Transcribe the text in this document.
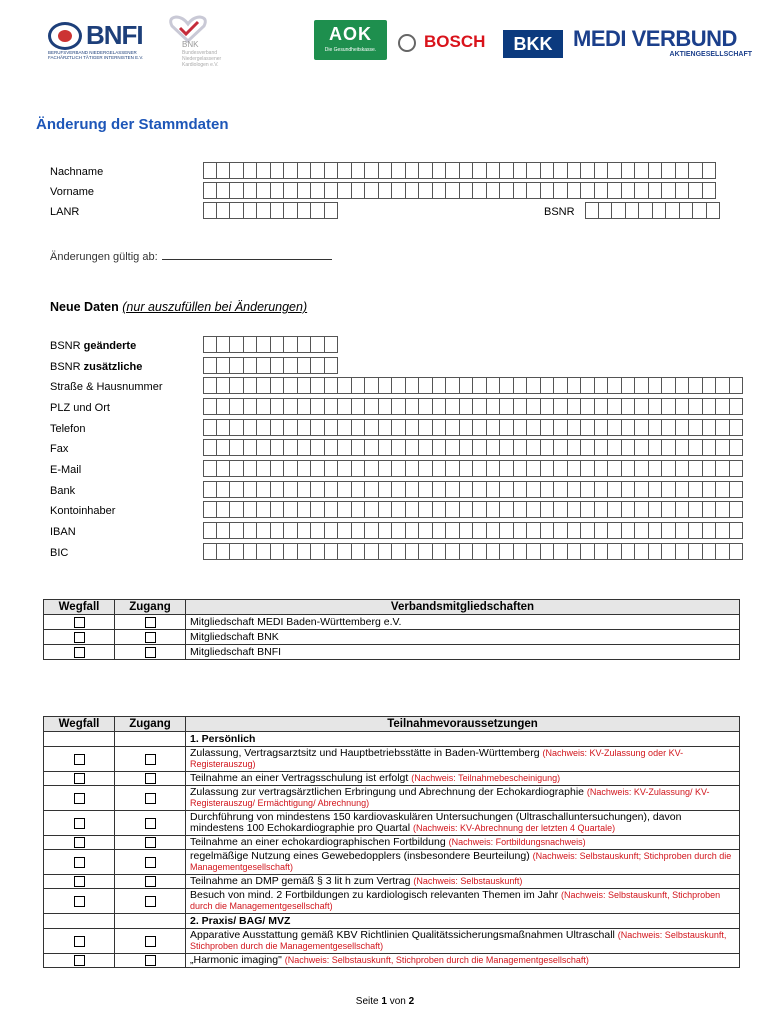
BNFI
BERUFSVERBAND NIEDERGELASSENER FACHÄRZTLICH TÄTIGER INTERNISTEN E.V.
BNK
Bundesverband Niedergelassener Kardiologen e.V.
AOK
Die Gesundheitskasse.	BOSCH	BKK MEDI VERBUND
AKTIENGESELLSCHAFT
Änderung der Stammdaten
Nachname
Vorname
LANR	BSNR
Änderungen gültig ab:
Neue Daten (nur auszufüllen bei Änderungen)
BSNR geänderte
BSNR zusätzliche
Straße & Hausnummer
PLZ und Ort
Telefon
Fax
E-Mail
Bank
Kontoinhaber
IBAN
BIC
Wegfall	Zugang	Verbandsmitgliedschaften
		Mitgliedschaft MEDI Baden-Württemberg e.V.
		Mitgliedschaft BNK
		Mitgliedschaft BNFI
Wegfall	Zugang	Teilnahmevoraussetzungen
		1. Persönlich
		Zulassung, Vertragsarztsitz und Hauptbetriebsstätte in Baden-Württemberg (Nachweis: KV-Zulassung oder KV-Registerauszug)
		Teilnahme an einer Vertragsschulung ist erfolgt (Nachweis: Teilnahmebescheinigung)
		Zulassung zur vertragsärztlichen Erbringung und Abrechnung der Echokardiographie (Nachweis: KV-Zulassung/ KV-Registerauszug/ Ermächtigung/ Abrechnung)
		Durchführung von mindestens 150 kardiovaskulären Untersuchungen (Ultraschalluntersuchungen), davon mindestens 100 Echokardiographie pro Quartal (Nachweis: KV-Abrechnung der letzten 4 Quartale)
		Teilnahme an einer echokardiographischen Fortbildung (Nachweis: Fortbildungsnachweis)
		regelmäßige Nutzung eines Gewebedopplers (insbesondere Beurteilung) (Nachweis: Selbstauskunft; Stichproben durch die Managementgesellschaft)
		Teilnahme an DMP gemäß § 3 lit h zum Vertrag (Nachweis: Selbstauskunft)
		Besuch von mind. 2 Fortbildungen zu kardiologisch relevanten Themen im Jahr (Nachweis: Selbstauskunft, Stichproben durch die Managementgesellschaft)
		2. Praxis/ BAG/ MVZ
		Apparative Ausstattung gemäß KBV Richtlinien Qualitätssicherungsmaßnahmen Ultraschall (Nachweis: Selbstauskunft, Stichproben durch die Managementgesellschaft)
		„Harmonic imaging" (Nachweis: Selbstauskunft, Stichproben durch die Managementgesellschaft)
Seite 1 von 2
